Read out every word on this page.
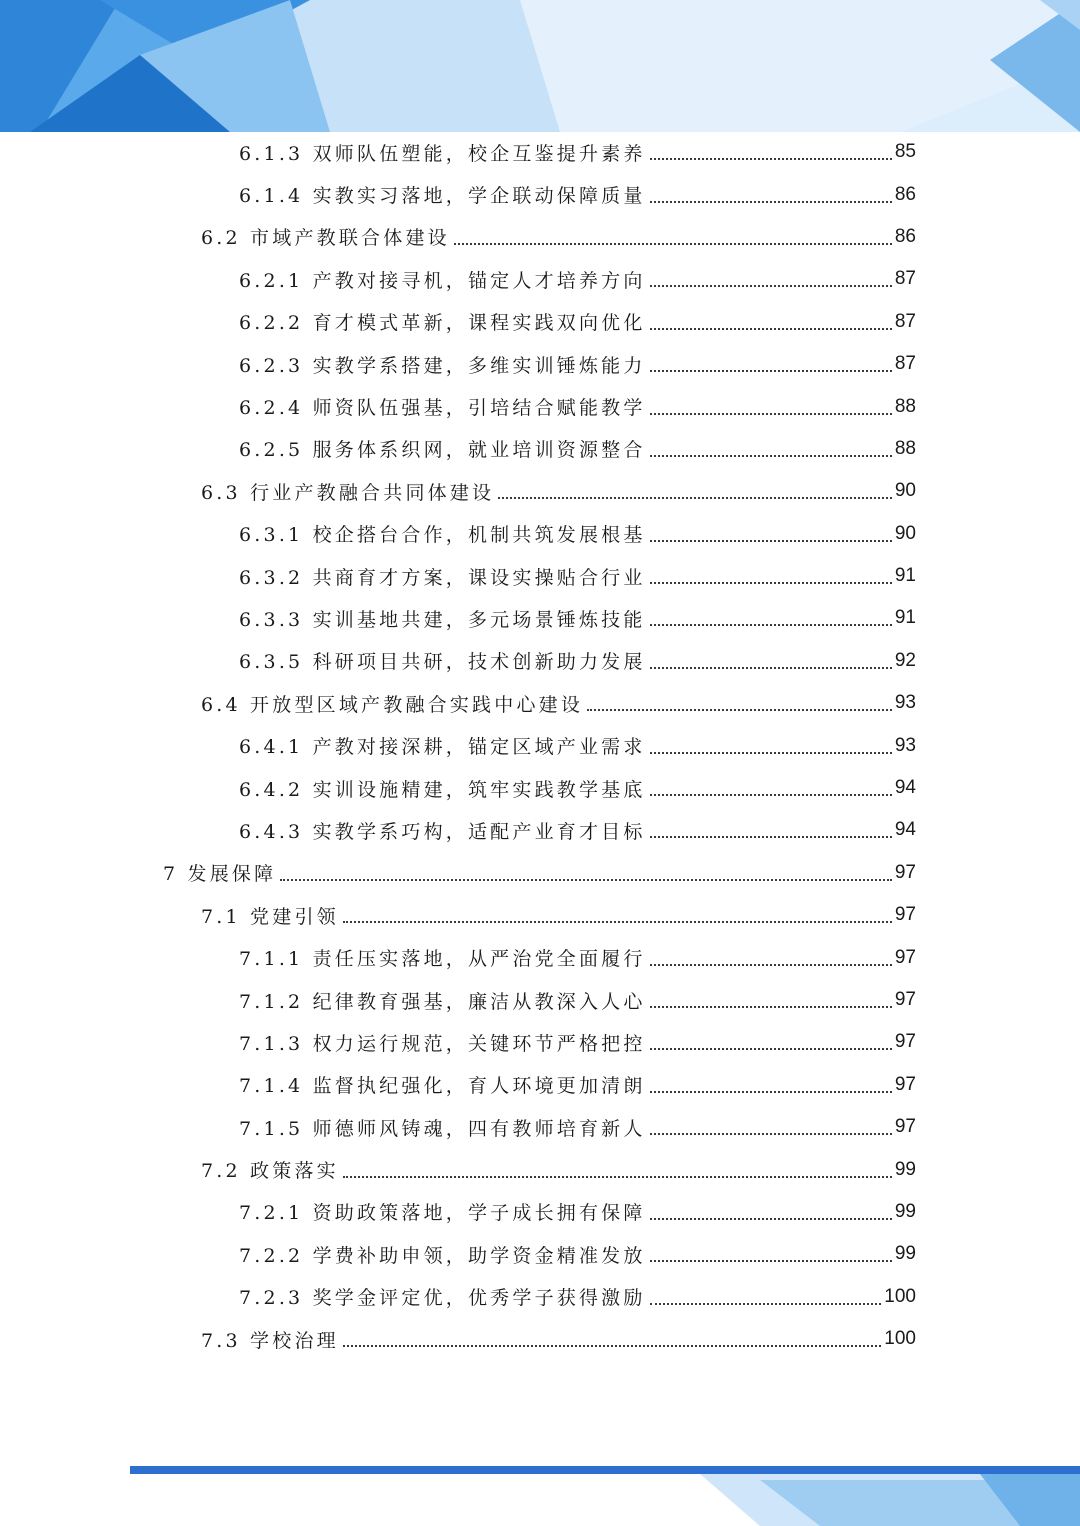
6.1.3 双师队伍塑能，校企互鉴提升素养	85
6.1.4 实教实习落地，学企联动保障质量	86
6.2 市域产教联合体建设	86
6.2.1 产教对接寻机，锚定人才培养方向	87
6.2.2 育才模式革新，课程实践双向优化	87
6.2.3 实教学系搭建，多维实训锤炼能力	87
6.2.4 师资队伍强基，引培结合赋能教学	88
6.2.5 服务体系织网，就业培训资源整合	88
6.3 行业产教融合共同体建设	90
6.3.1 校企搭台合作，机制共筑发展根基	90
6.3.2 共商育才方案，课设实操贴合行业	91
6.3.3 实训基地共建，多元场景锤炼技能	91
6.3.5 科研项目共研，技术创新助力发展	92
6.4 开放型区域产教融合实践中心建设	93
6.4.1 产教对接深耕，锚定区域产业需求	93
6.4.2 实训设施精建，筑牢实践教学基底	94
6.4.3 实教学系巧构，适配产业育才目标	94
7 发展保障	97
7.1 党建引领	97
7.1.1 责任压实落地，从严治党全面履行	97
7.1.2 纪律教育强基，廉洁从教深入人心	97
7.1.3 权力运行规范，关键环节严格把控	97
7.1.4 监督执纪强化，育人环境更加清朗	97
7.1.5 师德师风铸魂，四有教师培育新人	97
7.2 政策落实	99
7.2.1 资助政策落地，学子成长拥有保障	99
7.2.2 学费补助申领，助学资金精准发放	99
7.2.3 奖学金评定优，优秀学子获得激励	100
7.3 学校治理	100
